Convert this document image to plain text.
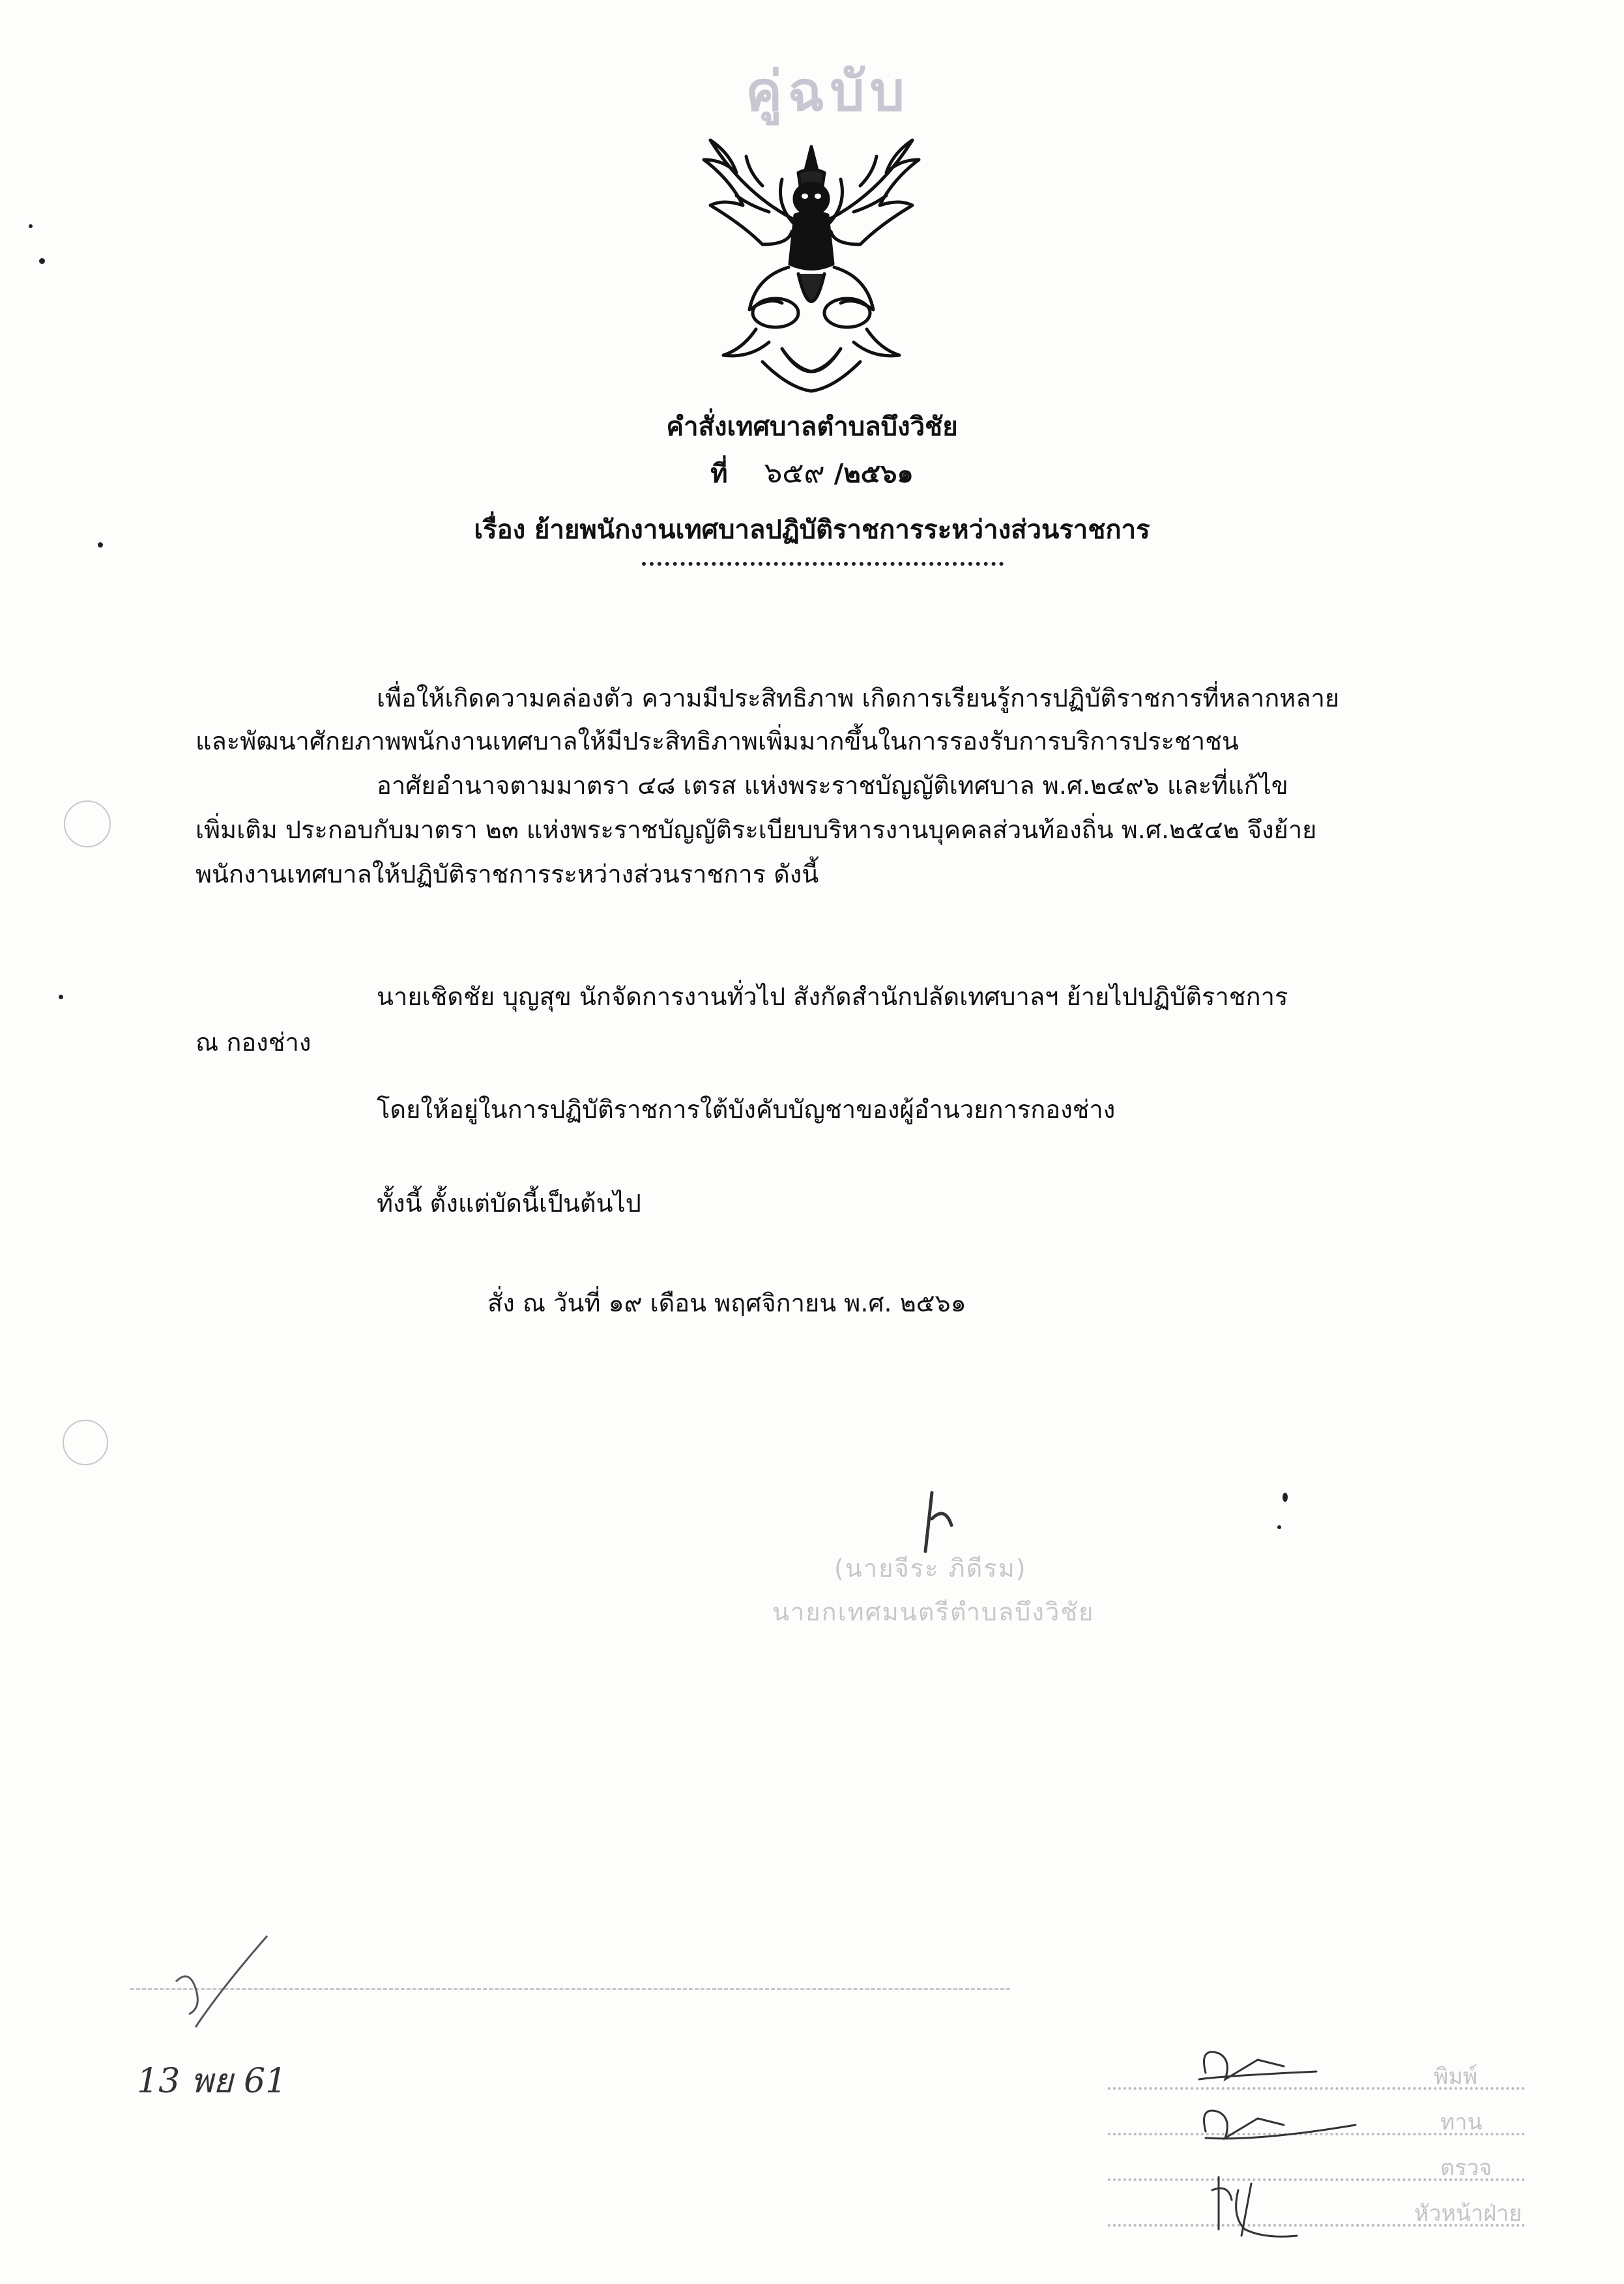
คู่ฉบับ
คำสั่งเทศบาลตำบลบึงวิชัย
ที่ ๖๕๙ /๒๕๖๑
เรื่อง ย้ายพนักงานเทศบาลปฏิบัติราชการระหว่างส่วนราชการ
เพื่อให้เกิดความคล่องตัว ความมีประสิทธิภาพ เกิดการเรียนรู้การปฏิบัติราชการที่หลากหลาย
และพัฒนาศักยภาพพนักงานเทศบาลให้มีประสิทธิภาพเพิ่มมากขึ้นในการรองรับการบริการประชาชน
อาศัยอำนาจตามมาตรา ๔๘ เตรส แห่งพระราชบัญญัติเทศบาล พ.ศ.๒๔๙๖ และที่แก้ไข
เพิ่มเติม ประกอบกับมาตรา ๒๓ แห่งพระราชบัญญัติระเบียบบริหารงานบุคคลส่วนท้องถิ่น พ.ศ.๒๕๔๒ จึงย้าย
พนักงานเทศบาลให้ปฏิบัติราชการระหว่างส่วนราชการ ดังนี้
นายเชิดชัย บุญสุข นักจัดการงานทั่วไป สังกัดสำนักปลัดเทศบาลฯ ย้ายไปปฏิบัติราชการ
ณ กองช่าง
โดยให้อยู่ในการปฏิบัติราชการใต้บังคับบัญชาของผู้อำนวยการกองช่าง
ทั้งนี้ ตั้งแต่บัดนี้เป็นต้นไป
สั่ง ณ วันที่ ๑๙ เดือน พฤศจิกายน พ.ศ. ๒๕๖๑
(นายจีระ ภิดีรม)
นายกเทศมนตรีตำบลบึงวิชัย
13 พย 61	พิมพ์
ทาน
ตรวจ
หัวหน้าฝ่าย
